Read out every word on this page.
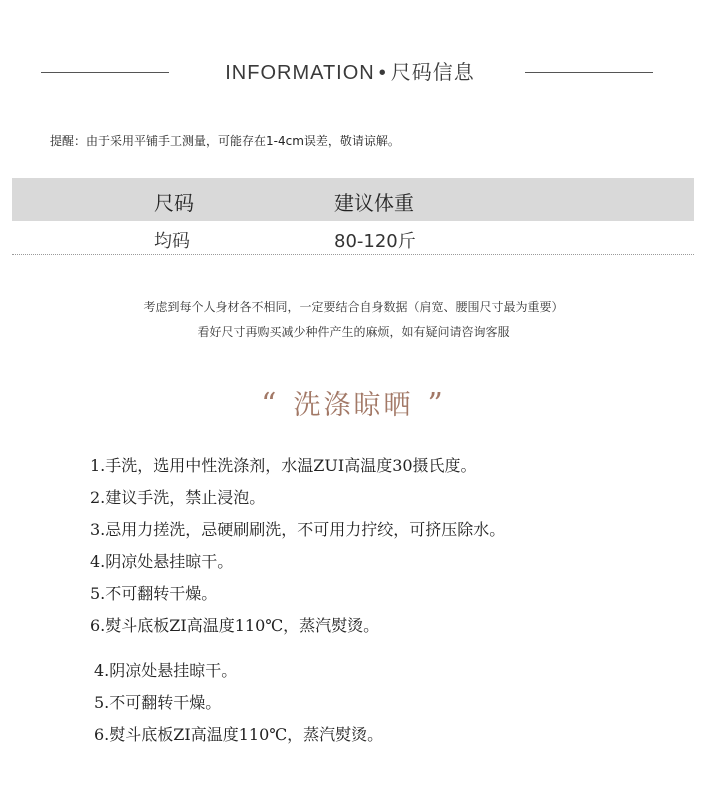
INFORMATION • 尺码信息
提醒：由于采用平铺手工测量，可能存在1-4cm误差，敬请谅解。
尺码	建议体重
均码	80-120斤
考虑到每个人身材各不相同，一定要结合自身数据（肩宽、腰围尺寸最为重要）
看好尺寸再购买减少种件产生的麻烦，如有疑问请咨询客服
“ 洗涤晾晒 ”
1.手洗，选用中性洗涤剂，水温ZUI高温度30摄氏度。
2.建议手洗，禁止浸泡。
3.忌用力搓洗，忌硬刷刷洗，不可用力拧绞，可挤压除水。
4.阴凉处悬挂晾干。
5.不可翻转干燥。
6.熨斗底板ZI高温度110℃，蒸汽熨烫。
4.阴凉处悬挂晾干。
5.不可翻转干燥。
6.熨斗底板ZI高温度110℃，蒸汽熨烫。
